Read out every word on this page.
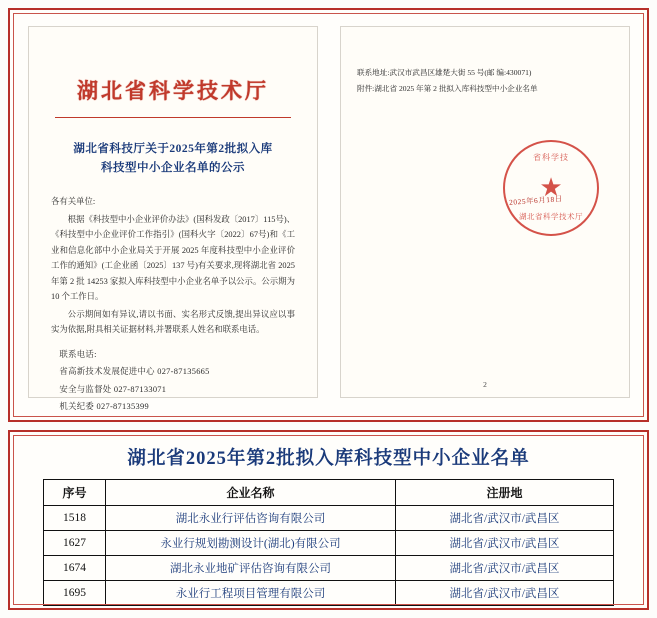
湖北省科学技术厅
湖北省科技厅关于2025年第2批拟入库
科技型中小企业名单的公示

各有关单位:

根据《科技型中小企业评价办法》(国科发政〔2017〕115号)、《科技型中小企业评价工作指引》(国科火字〔2022〕67号)和《工业和信息化部中小企业局关于开展 2025 年度科技型中小企业评价工作的通知》(工企业函〔2025〕137 号)有关要求,现将湖北省 2025 年第 2 批 14253 家拟入库科技型中小企业名单予以公示。公示期为 10 个工作日。

公示期间如有异议,请以书面、实名形式反馈,提出异议应以事实为依据,附具相关证据材料,并署联系人姓名和联系电话。

联系电话:

省高新技术发展促进中心 027-87135665

安全与监督处 027-87133071

机关纪委 027-87135399

联系地址:武汉市武昌区雄楚大街 55 号(邮 编:430071)
附件:湖北省 2025 年第 2 批拟入库科技型中小企业名单
省科学技
★
湖北省科学技术厅
2025年6月18日
2
湖北省2025年第2批拟入库科技型中小企业名单
序号	企业名称	注册地
1518	湖北永业行评估咨询有限公司	湖北省/武汉市/武昌区
1627	永业行规划勘测设计(湖北)有限公司	湖北省/武汉市/武昌区
1674	湖北永业地矿评估咨询有限公司	湖北省/武汉市/武昌区
1695	永业行工程项目管理有限公司	湖北省/武汉市/武昌区
